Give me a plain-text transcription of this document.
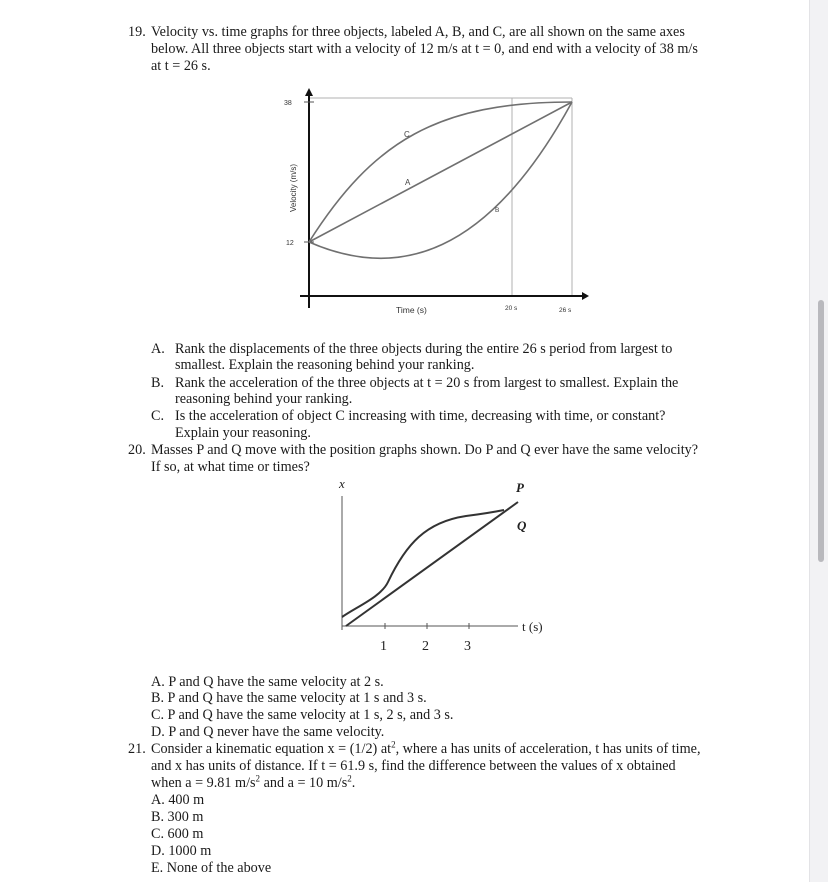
19. Velocity vs. time graphs for three objects, labeled A, B, and C, are all shown on the same axes
below. All three objects start with a velocity of 12 m/s at t = 0, and end with a velocity of 38 m/s
at t = 26 s.
38
12
Velocity (m/s)
Time (s)	20 s	26 s
C
A
B
A. Rank the displacements of the three objects during the entire 26 s period from largest to
smallest. Explain the reasoning behind your ranking.
B. Rank the acceleration of the three objects at t = 20 s from largest to smallest. Explain the
reasoning behind your ranking.
C. Is the acceleration of object C increasing with time, decreasing with time, or constant?
Explain your reasoning.
20. Masses P and Q move with the position graphs shown. Do P and Q ever have the same velocity?
If so, at what time or times?
x	P
Q
t (s)
1	2	3
A. P and Q have the same velocity at 2 s.
B. P and Q have the same velocity at 1 s and 3 s.
C. P and Q have the same velocity at 1 s, 2 s, and 3 s.
D. P and Q never have the same velocity.
21. Consider a kinematic equation x = (1/2) $at^2$, where a has units of acceleration, t has units of time,
and x has units of distance. If t = 61.9 s, find the difference between the values of x obtained
when a = 9.81 $m/s^2$ and a = 10 $m/s^2$.
A. 400 m
B. 300 m
C. 600 m
D. 1000 m
E. None of the above
